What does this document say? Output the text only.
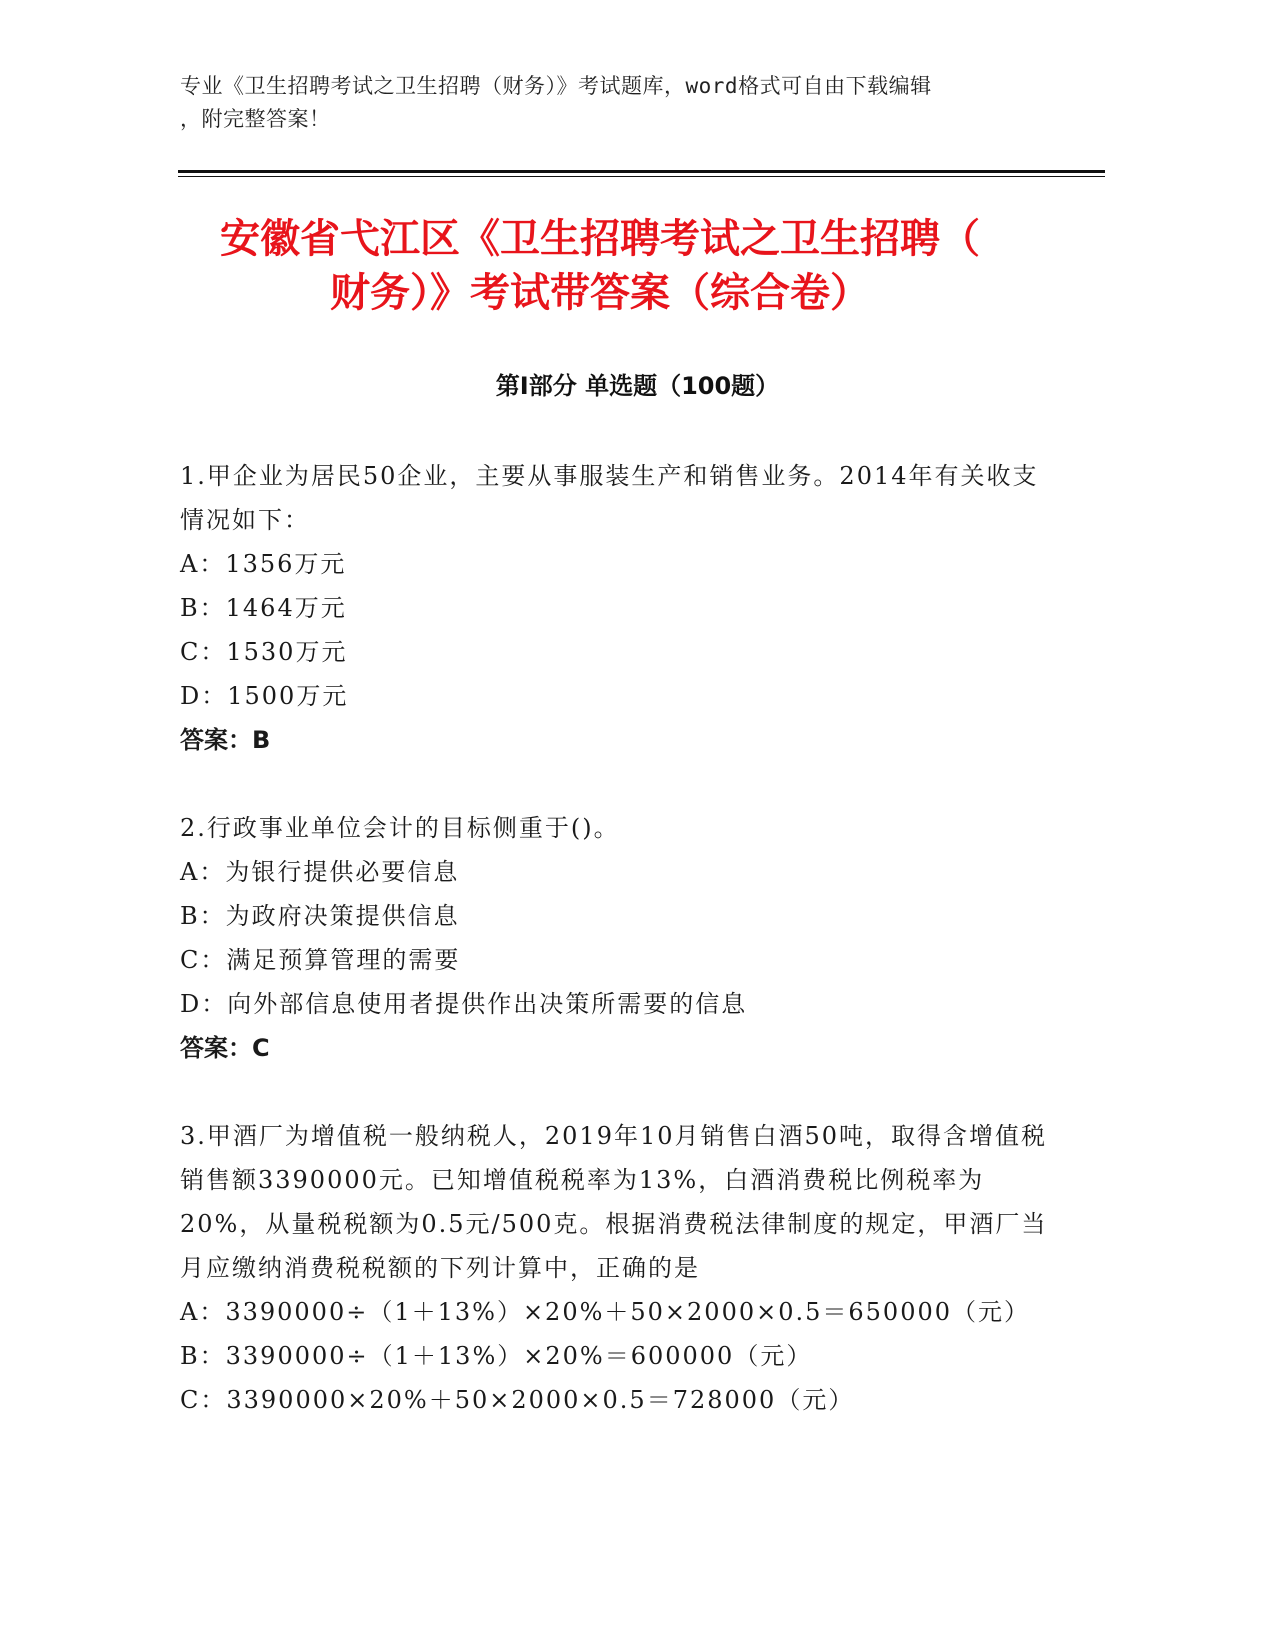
专业《卫生招聘考试之卫生招聘（财务）》考试题库，word格式可自由下载编辑
，附完整答案！
安徽省弋江区《卫生招聘考试之卫生招聘（
财务）》考试带答案（综合卷）
第I部分 单选题（100题）

1.甲企业为居民50企业，主要从事服装生产和销售业务。2014年有关收支情况如下：

A：1356万元

B：1464万元

C：1530万元

D：1500万元

答案：B

2.行政事业单位会计的目标侧重于()。

A：为银行提供必要信息

B：为政府决策提供信息

C：满足预算管理的需要

D：向外部信息使用者提供作出决策所需要的信息

答案：C

3.甲酒厂为增值税一般纳税人，2019年10月销售白酒50吨，取得含增值税销售额3390000元。已知增值税税率为13%，白酒消费税比例税率为20%，从量税税额为0.5元/500克。根据消费税法律制度的规定，甲酒厂当月应缴纳消费税税额的下列计算中，正确的是

A：3390000÷（1＋13%）×20%＋50×2000×0.5＝650000（元）

B：3390000÷（1＋13%）×20%＝600000（元）

C：3390000×20%＋50×2000×0.5＝728000（元）
